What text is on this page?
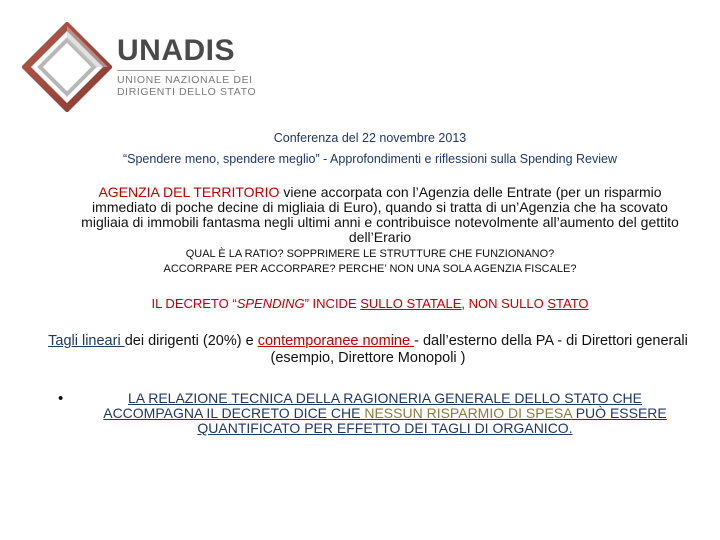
UNADIS
UNIONE NAZIONALE DEI
DIRIGENTI DELLO STATO
Conferenza del 22 novembre 2013
“Spendere meno, spendere meglio” - Approfondimenti e riflessioni sulla Spending Review
AGENZIA DEL TERRITORIO viene accorpata con l’Agenzia delle Entrate (per un risparmio immediato di poche decine di migliaia di Euro), quando si tratta di un’Agenzia che ha scovato migliaia di immobili fantasma negli ultimi anni e contribuisce notevolmente all’aumento del gettito dell’Erario
QUAL È LA RATIO? SOPPRIMERE LE STRUTTURE CHE FUNZIONANO?
ACCORPARE PER ACCORPARE? PERCHE’ NON UNA SOLA AGENZIA FISCALE?
IL DECRETO “SPENDING” INCIDE SULLO STATALE, NON SULLO STATO
Tagli lineari dei dirigenti (20%) e contemporanee nomine - dall’esterno della PA - di Direttori generali (esempio, Direttore Monopoli )
•	LA RELAZIONE TECNICA DELLA RAGIONERIA GENERALE DELLO STATO CHE ACCOMPAGNA IL DECRETO DICE CHE NESSUN RISPARMIO DI SPESA PUÒ ESSERE QUANTIFICATO PER EFFETTO DEI TAGLI DI ORGANICO.
